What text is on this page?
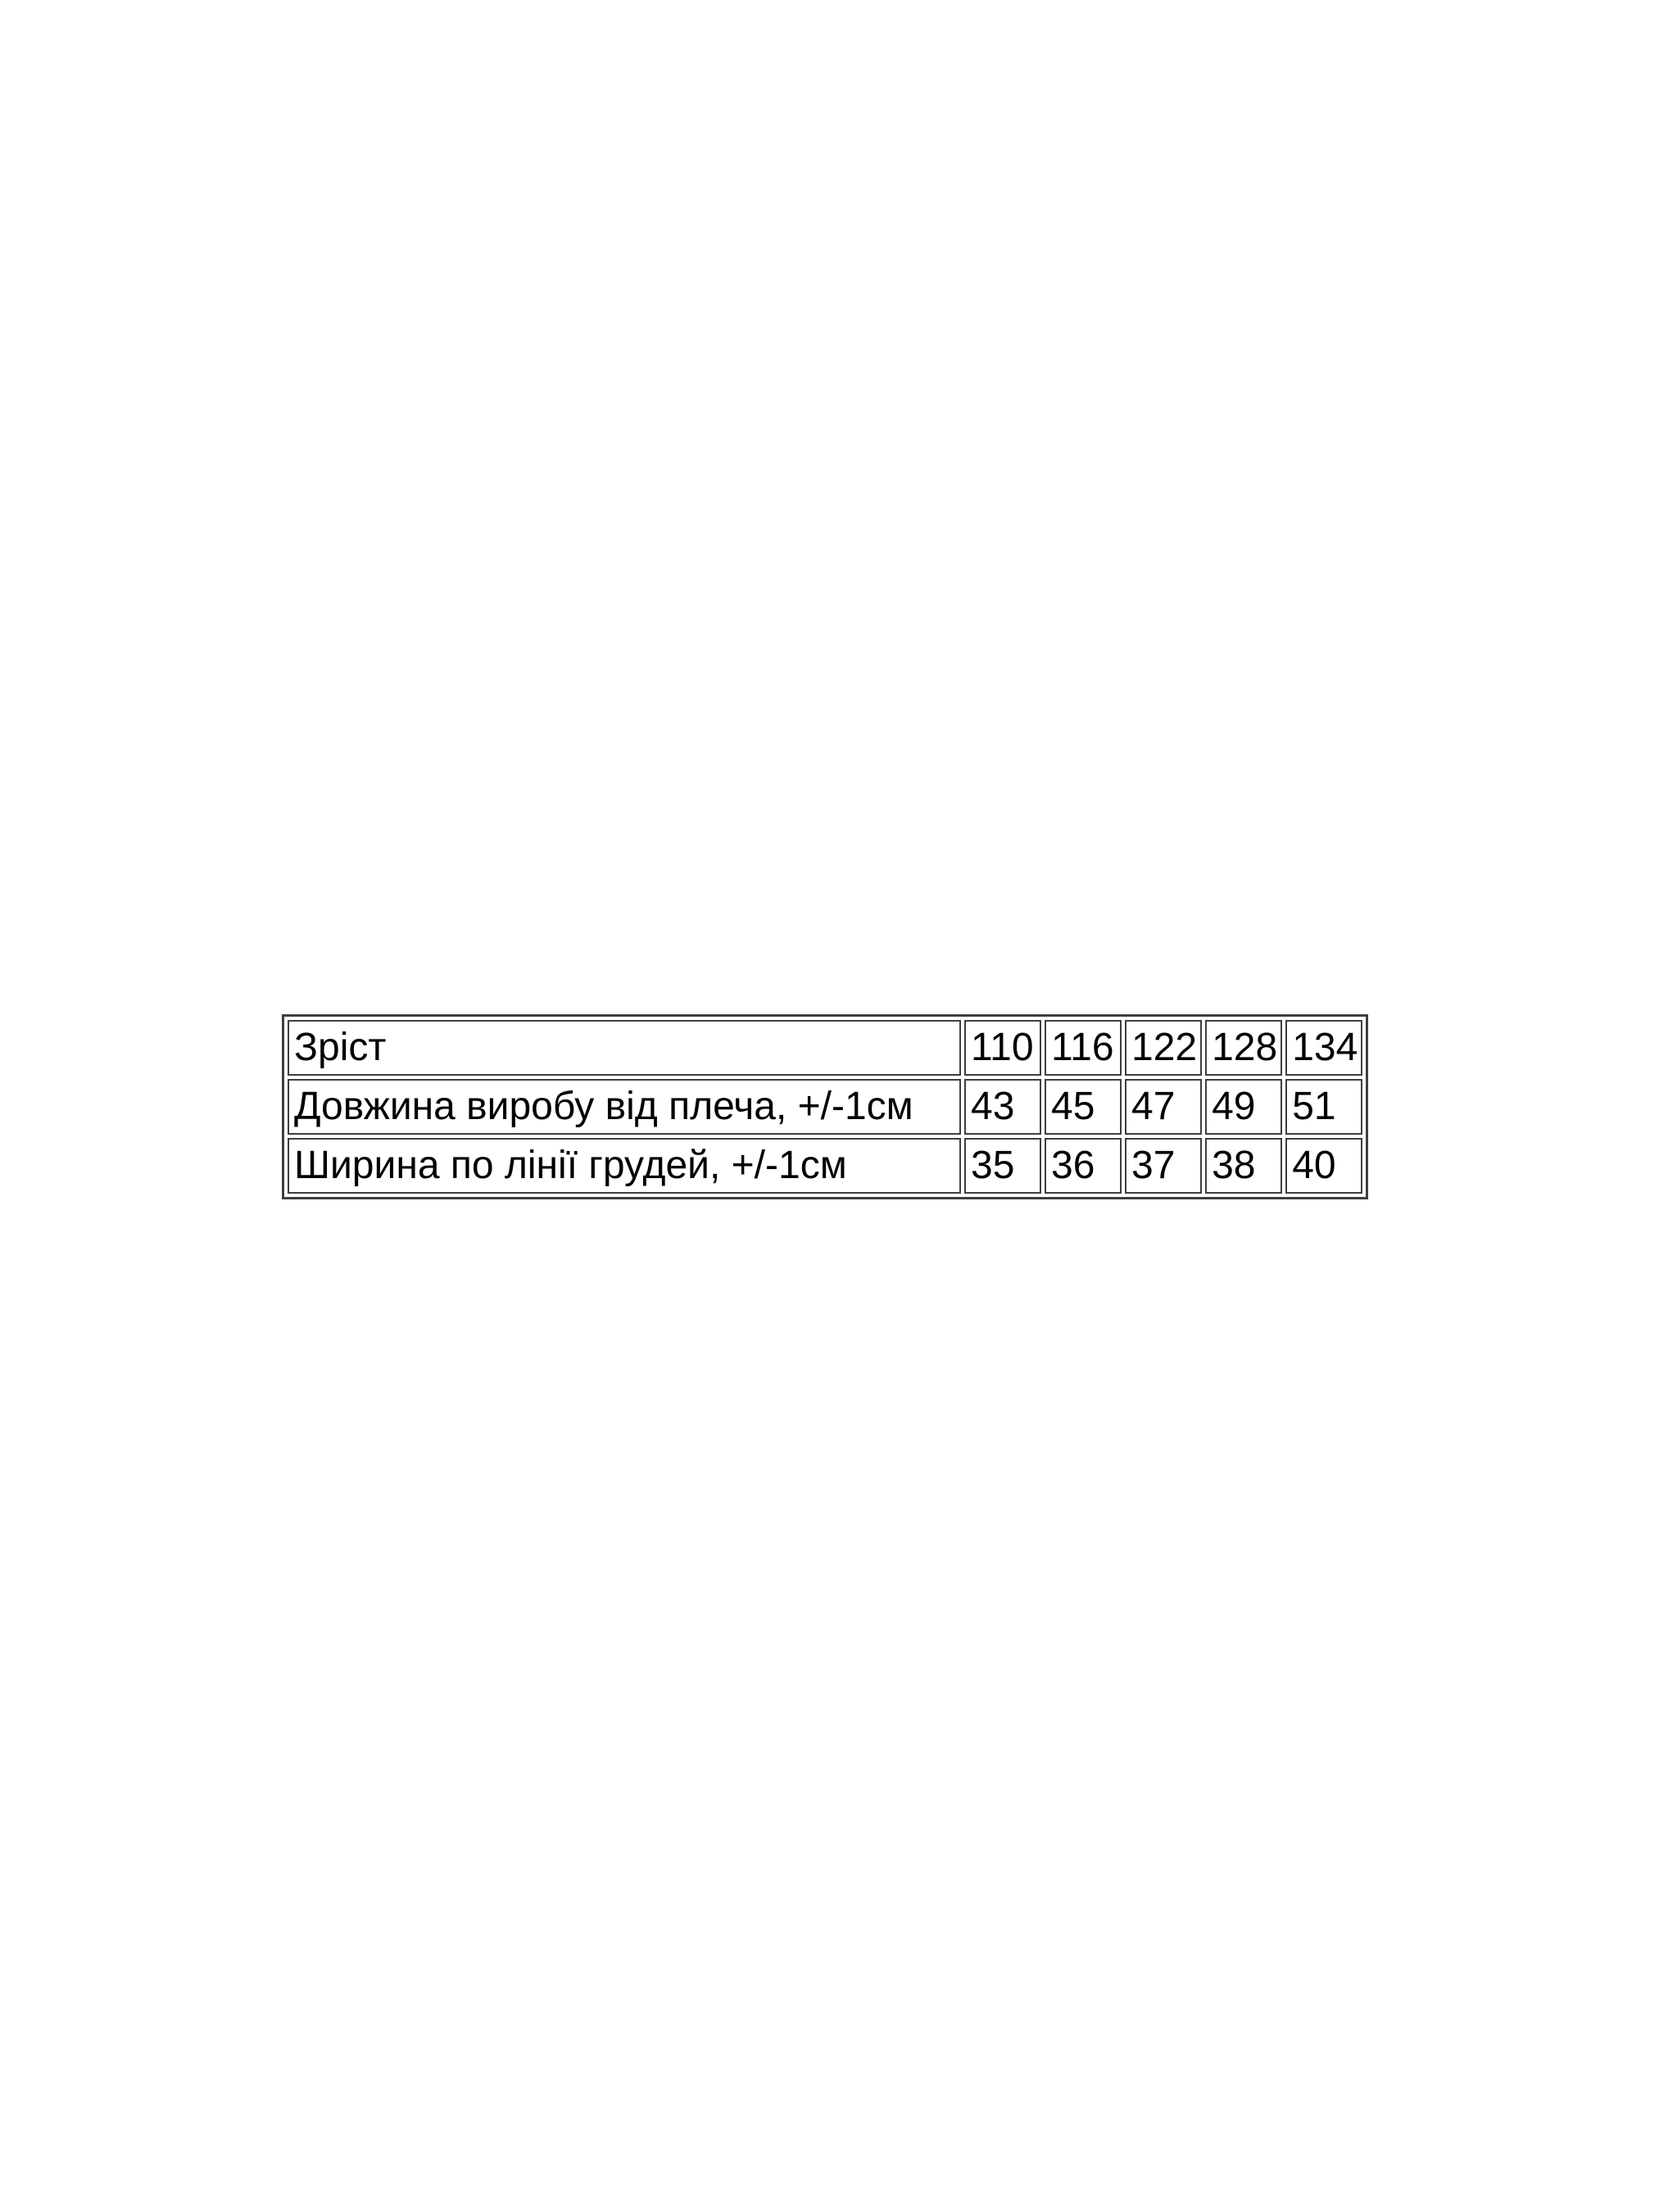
Зріст	110	116	122	128	134
Довжина виробу від плеча, +/-1см	43	45	47	49	51
Ширина по лінії грудей, +/-1см	35	36	37	38	40
